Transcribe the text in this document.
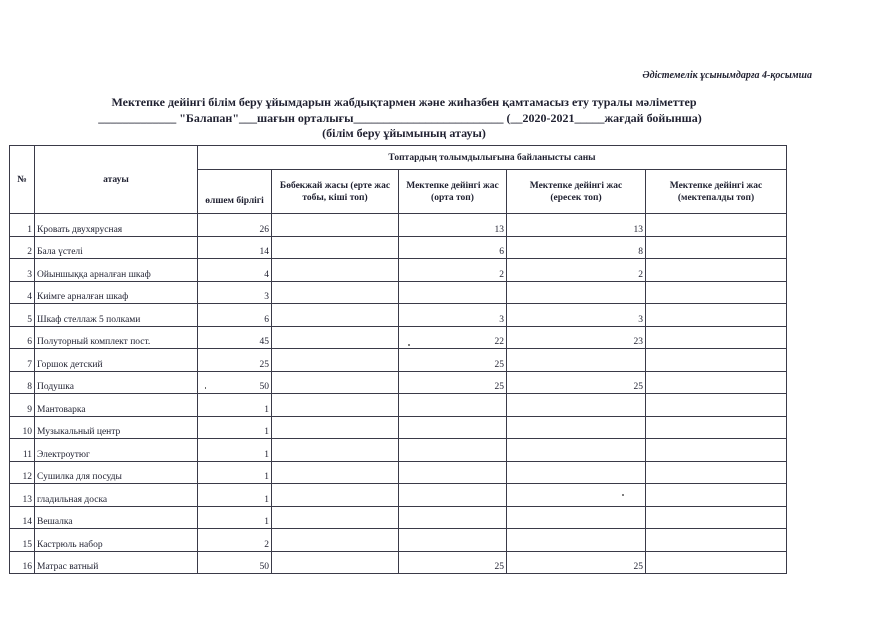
Әдістемелік ұсынымдарға 4-қосымша
Мектепке дейінгі білім беру ұйымдарын жабдықтармен және жиһазбен қамтамасыз ету туралы мәліметтер
_____________ "Балапан"___шағын орталығы_________________________ (__2020-2021_____жағдай бойынша)
(білім беру ұйымының атауы)
№	атауы	Топтардың толымдылығына байланысты саны				
		өлшем бірлігі	Бөбекжай жасы (ерте жас тобы, кіші топ)	Мектепке дейінгі жас (орта топ)	Мектепке дейінгі жас (ересек топ)	Мектепке дейінгі жас (мектепалды топ)
1	Кровать двухярусная	26		13	13	
2	Бала үстелі	14		6	8	
3	Ойыншыққа арналған шкаф	4		2	2	
4	Киімге арналған шкаф	3				
5	Шкаф стеллаж 5 полками	6		3	3	
6	Полуторный комплект пост.	45		22	23	
7	Горшок детский	25		25		
8	Подушка	50		25	25	
9	Мантоварка	1				
10	Музыкальный центр	1				
11	Электроутюг	1				
12	Сушилка для посуды	1				
13	гладильная доска	1				
14	Вешалка	1				
15	Кастрюль набор	2				
16	Матрас ватный	50		25	25	
